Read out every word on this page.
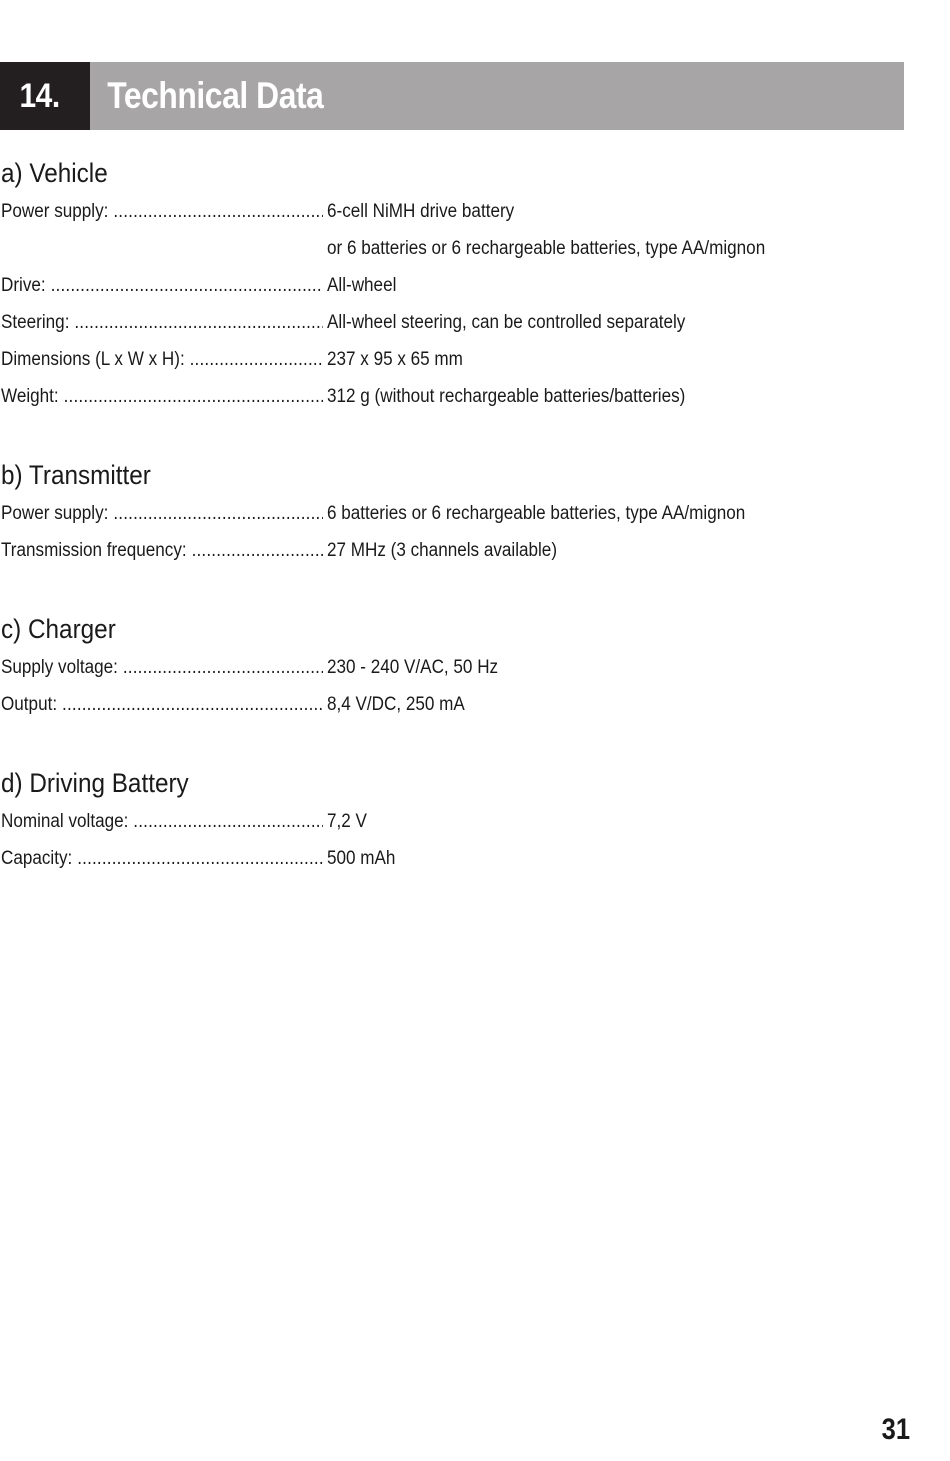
14.	Technical Data
a) Vehicle
Power supply: .....	6-cell NiMH drive battery
or 6 batteries or 6 rechargeable batteries, type AA/mignon
Drive: .....	All-wheel
Steering: .....	All-wheel steering, can be controlled separately
Dimensions (L x W x H): .....	237 x 95 x 65 mm
Weight: .....	312 g (without rechargeable batteries/batteries)
b) Transmitter
Power supply: .....	6 batteries or 6 rechargeable batteries, type AA/mignon
Transmission frequency: .....	27 MHz (3 channels available)
c) Charger
Supply voltage: .....	230 - 240 V/AC, 50 Hz
Output: .....	8,4 V/DC, 250 mA
d) Driving Battery
Nominal voltage: .....	7,2 V
Capacity: .....	500 mAh
31
